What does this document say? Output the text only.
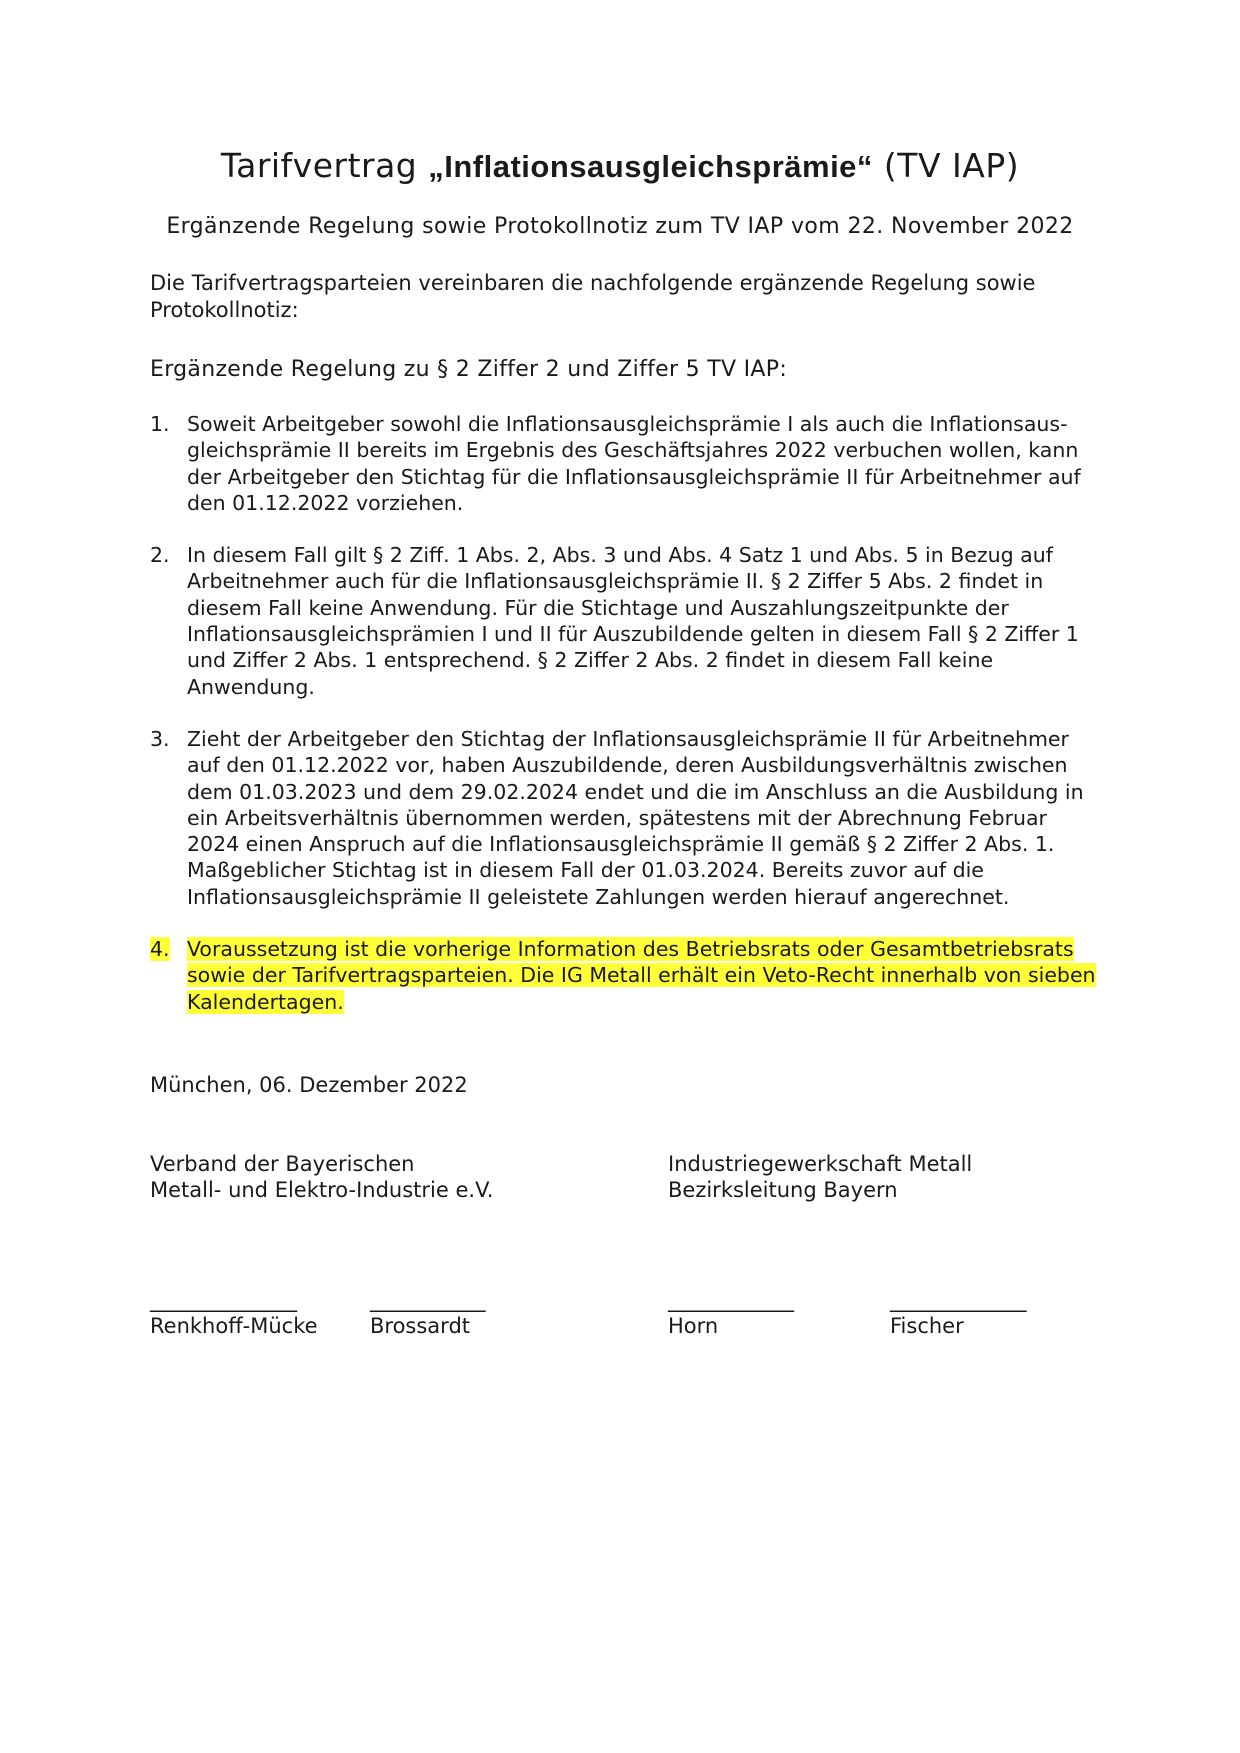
Tarifvertrag „Inflationsausgleichsprämie“ (TV IAP)
Ergänzende Regelung sowie Protokollnotiz zum TV IAP vom 22. November 2022
Die Tarifvertragsparteien vereinbaren die nachfolgende ergänzende Regelung sowie Protokollnotiz:
Ergänzende Regelung zu § 2 Ziffer 2 und Ziffer 5 TV IAP:
1. Soweit Arbeitgeber sowohl die Inflationsausgleichsprämie I als auch die Inflationsaus-gleichsprämie II bereits im Ergebnis des Geschäftsjahres 2022 verbuchen wollen, kann der Arbeitgeber den Stichtag für die Inflationsausgleichsprämie II für Arbeitnehmer auf den 01.12.2022 vorziehen.
2. In diesem Fall gilt § 2 Ziff. 1 Abs. 2, Abs. 3 und Abs. 4 Satz 1 und Abs. 5 in Bezug auf Arbeitnehmer auch für die Inflationsausgleichsprämie II. § 2 Ziffer 5 Abs. 2 findet in diesem Fall keine Anwendung. Für die Stichtage und Auszahlungszeitpunkte der Inflationsausgleichsprämien I und II für Auszubildende gelten in diesem Fall § 2 Ziffer 1 und Ziffer 2 Abs. 1 entsprechend. § 2 Ziffer 2 Abs. 2 findet in diesem Fall keine Anwendung.
3. Zieht der Arbeitgeber den Stichtag der Inflationsausgleichsprämie II für Arbeitnehmer auf den 01.12.2022 vor, haben Auszubildende, deren Ausbildungsverhältnis zwischen dem 01.03.2023 und dem 29.02.2024 endet und die im Anschluss an die Ausbildung in ein Arbeitsverhältnis übernommen werden, spätestens mit der Abrechnung Februar 2024 einen Anspruch auf die Inflationsausgleichsprämie II gemäß § 2 Ziffer 2 Abs. 1. Maßgeblicher Stichtag ist in diesem Fall der 01.03.2024. Bereits zuvor auf die Inflationsausgleichsprämie II geleistete Zahlungen werden hierauf angerechnet.
4. Voraussetzung ist die vorherige Information des Betriebsrats oder Gesamtbetriebsrats sowie der Tarifvertragsparteien. Die IG Metall erhält ein Veto-Recht innerhalb von sieben Kalendertagen.
München, 06. Dezember 2022
Verband der Bayerischen
Metall- und Elektro-Industrie e.V.
Industriegewerkschaft Metall
Bezirksleitung Bayern
______________
Renkhoff-Mücke
___________
Brossardt
____________
Horn
_____________
Fischer
